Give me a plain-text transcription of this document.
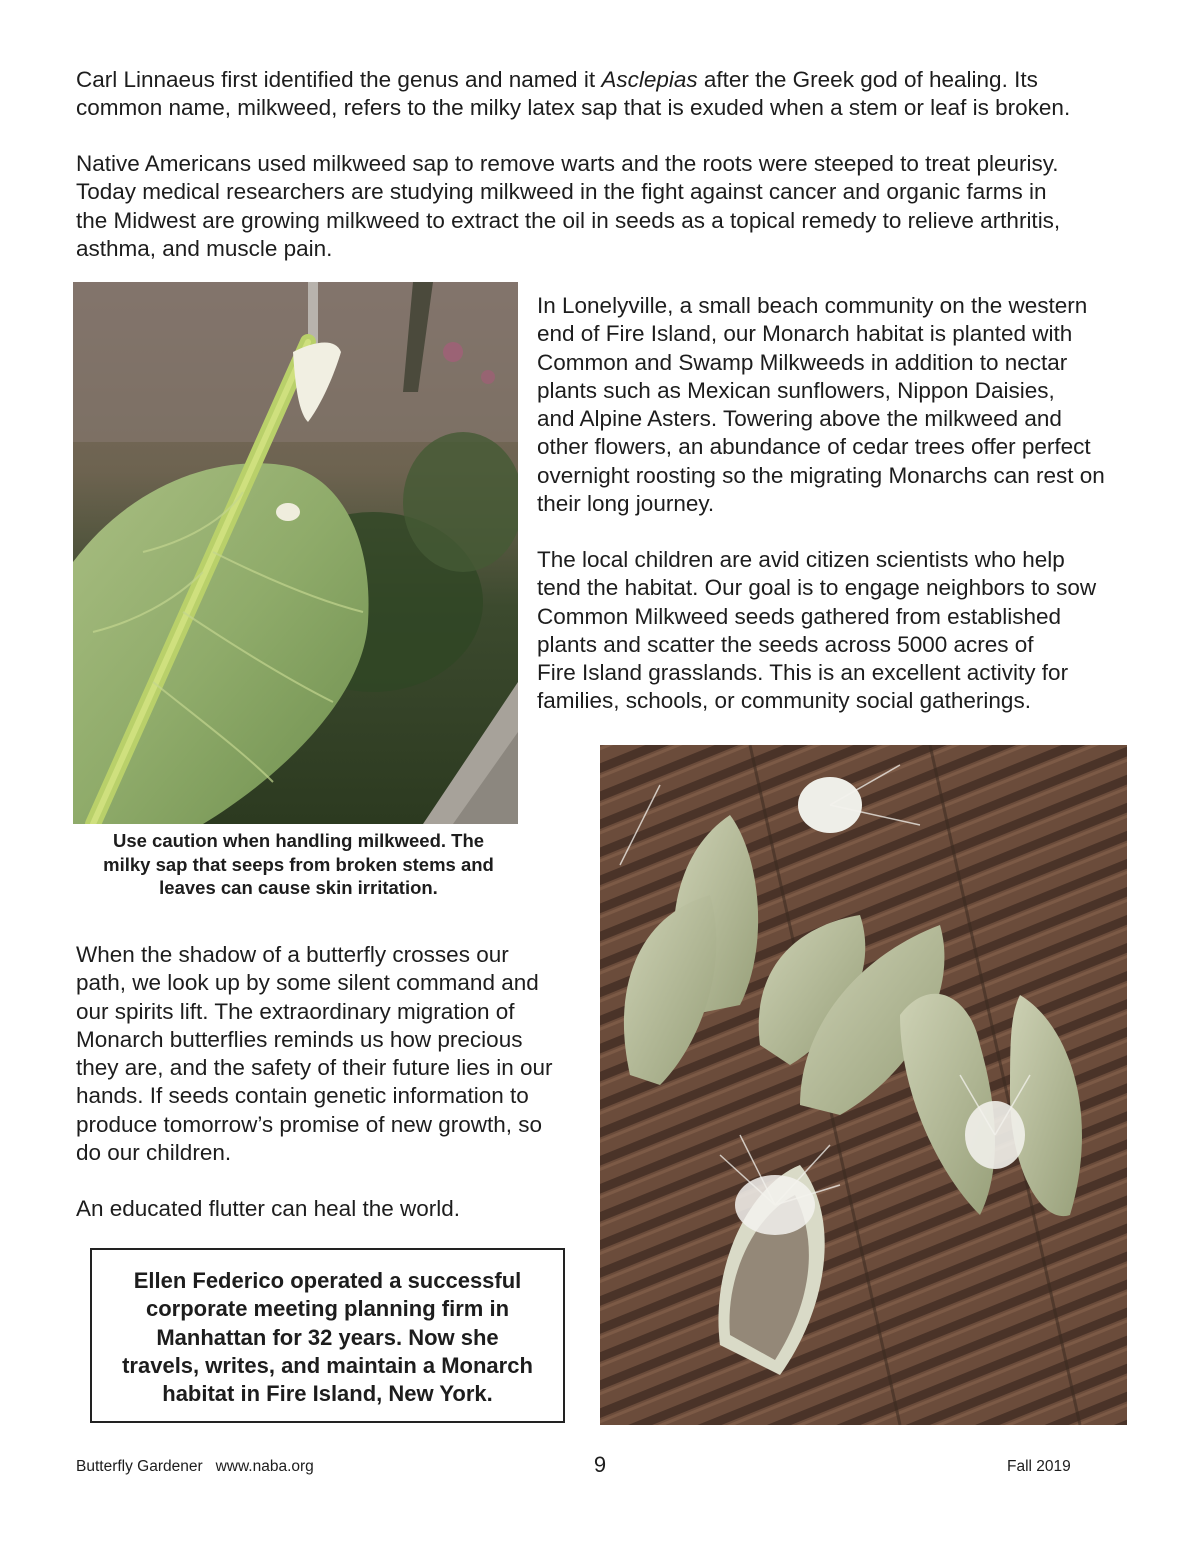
Carl Linnaeus first identified the genus and named it Asclepias after the Greek god of healing. Its
common name, milkweed, refers to the milky latex sap that is exuded when a stem or leaf is broken.

Native Americans used milkweed sap to remove warts and the roots were steeped to treat pleurisy.
Today medical researchers are studying milkweed in the fight against cancer and organic farms in
the Midwest are growing milkweed to extract the oil in seeds as a topical remedy to relieve arthritis,
asthma, and muscle pain.

Use caution when handling milkweed. The
milky sap that seeps from broken stems and
leaves can cause skin irritation.

In Lonelyville, a small beach community on the western
end of Fire Island, our Monarch habitat is planted with
Common and Swamp Milkweeds in addition to nectar
plants such as Mexican sunflowers, Nippon Daisies,
and Alpine Asters. Towering above the milkweed and
other flowers, an abundance of cedar trees offer perfect
overnight roosting so the migrating Monarchs can rest on
their long journey.

The local children are avid citizen scientists who help
tend the habitat. Our goal is to engage neighbors to sow
Common Milkweed seeds gathered from established
plants and scatter the seeds across 5000 acres of
Fire Island grasslands. This is an excellent activity for
families, schools, or community social gatherings.

When the shadow of a butterfly crosses our
path, we look up by some silent command and
our spirits lift. The extraordinary migration of
Monarch butterflies reminds us how precious
they are, and the safety of their future lies in our
hands. If seeds contain genetic information to
produce tomorrow’s promise of new growth, so
do our children.

An educated flutter can heal the world.

Ellen Federico operated a successful
corporate meeting planning firm in
Manhattan for 32 years. Now she
travels, writes, and maintain a Monarch
habitat in Fire Island, New York.

Butterfly Gardener www.naba.org	9	Fall 2019
